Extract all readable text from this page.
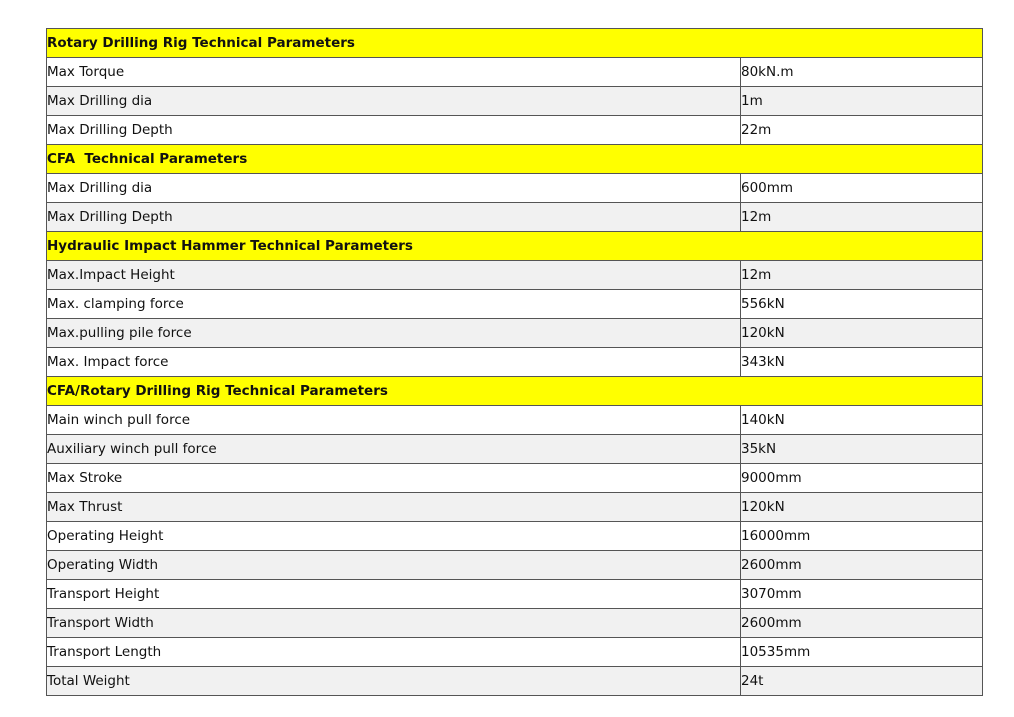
Rotary Drilling Rig Technical Parameters	
Max Torque	80kN.m
Max Drilling dia	1m
Max Drilling Depth	22m
CFA  Technical Parameters	
Max Drilling dia	600mm
Max Drilling Depth	12m
Hydraulic Impact Hammer Technical Parameters	
Max.Impact Height	12m
Max. clamping force	556kN
Max.pulling pile force	120kN
Max. Impact force	343kN
CFA/Rotary Drilling Rig Technical Parameters	
Main winch pull force	140kN
Auxiliary winch pull force	35kN
Max Stroke	9000mm
Max Thrust	120kN
Operating Height	16000mm
Operating Width	2600mm
Transport Height	3070mm
Transport Width	2600mm
Transport Length	10535mm
Total Weight	24t
